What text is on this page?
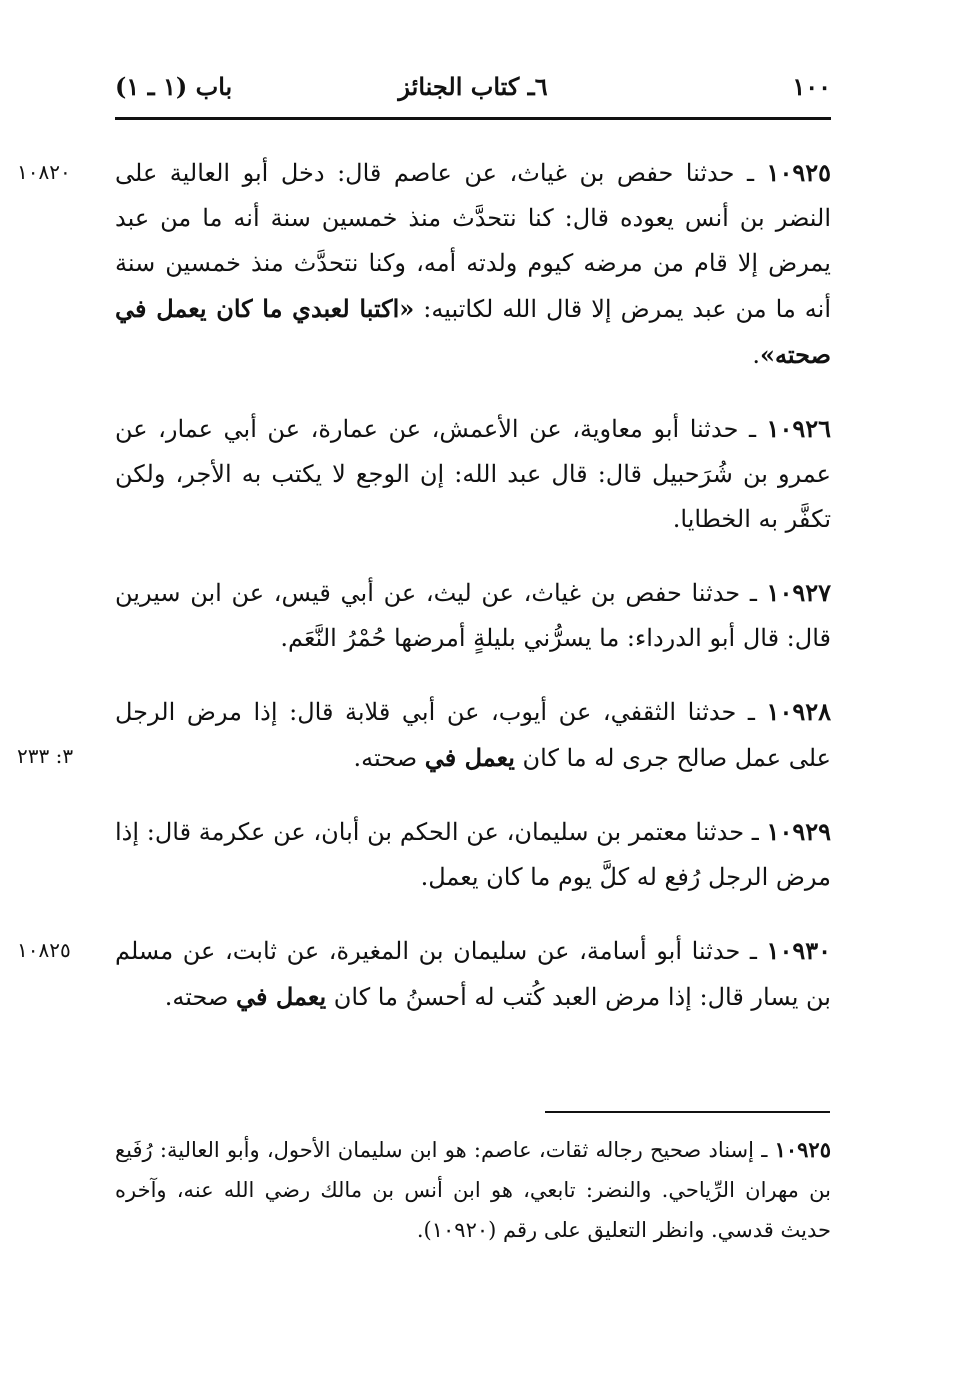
١٠٠
٦ـ كتاب الجنائز
باب (١ ـ ١)
١٠٨٢٠	١٠٩٢٥ ـ حدثنا حفص بن غياث، عن عاصم قال: دخل أبو العالية على النضر بن أنس يعوده قال: كنا نتحدَّث منذ خمسين سنة أنه ما من عبد يمرض إلا قام من مرضه كيوم ولدته أمه، وكنا نتحدَّث منذ خمسين سنة أنه ما من عبد يمرض إلا قال الله لكاتبيه: «اكتبا لعبدي ما كان يعمل في صحته».
١٠٩٢٦ ـ حدثنا أبو معاوية، عن الأعمش، عن عمارة، عن أبي عمار، عن عمرو بن شُرَحبيل قال: قال عبد الله: إن الوجع لا يكتب به الأجر، ولكن تكفَّر به الخطايا.
١٠٩٢٧ ـ حدثنا حفص بن غياث، عن ليث، عن أبي قيس، عن ابن سيرين قال: قال أبو الدرداء: ما يسرُّني بليلةٍ أمرضها حُمْرُ النَّعَم.
٣: ٢٣٣
١٠٩٢٨ ـ حدثنا الثقفي، عن أيوب، عن أبي قلابة قال: إذا مرض الرجل على عمل صالح جرى له ما كان يعمل في صحته.
١٠٩٢٩ ـ حدثنا معتمر بن سليمان، عن الحكم بن أبان، عن عكرمة قال: إذا مرض الرجل رُفع له كلَّ يوم ما كان يعمل.
١٠٨٢٥	١٠٩٣٠ ـ حدثنا أبو أسامة، عن سليمان بن المغيرة، عن ثابت، عن مسلم بن يسار قال: إذا مرض العبد كُتب له أحسنُ ما كان يعمل في صحته.
١٠٩٢٥ ـ إسناد صحيح رجاله ثقات، عاصم: هو ابن سليمان الأحول، وأبو العالية: رُفَيع بن مهران الرِّياحي. والنضر: تابعي، هو ابن أنس بن مالك رضي الله عنه، وآخره حديث قدسي. وانظر التعليق على رقم (١٠٩٢٠).
